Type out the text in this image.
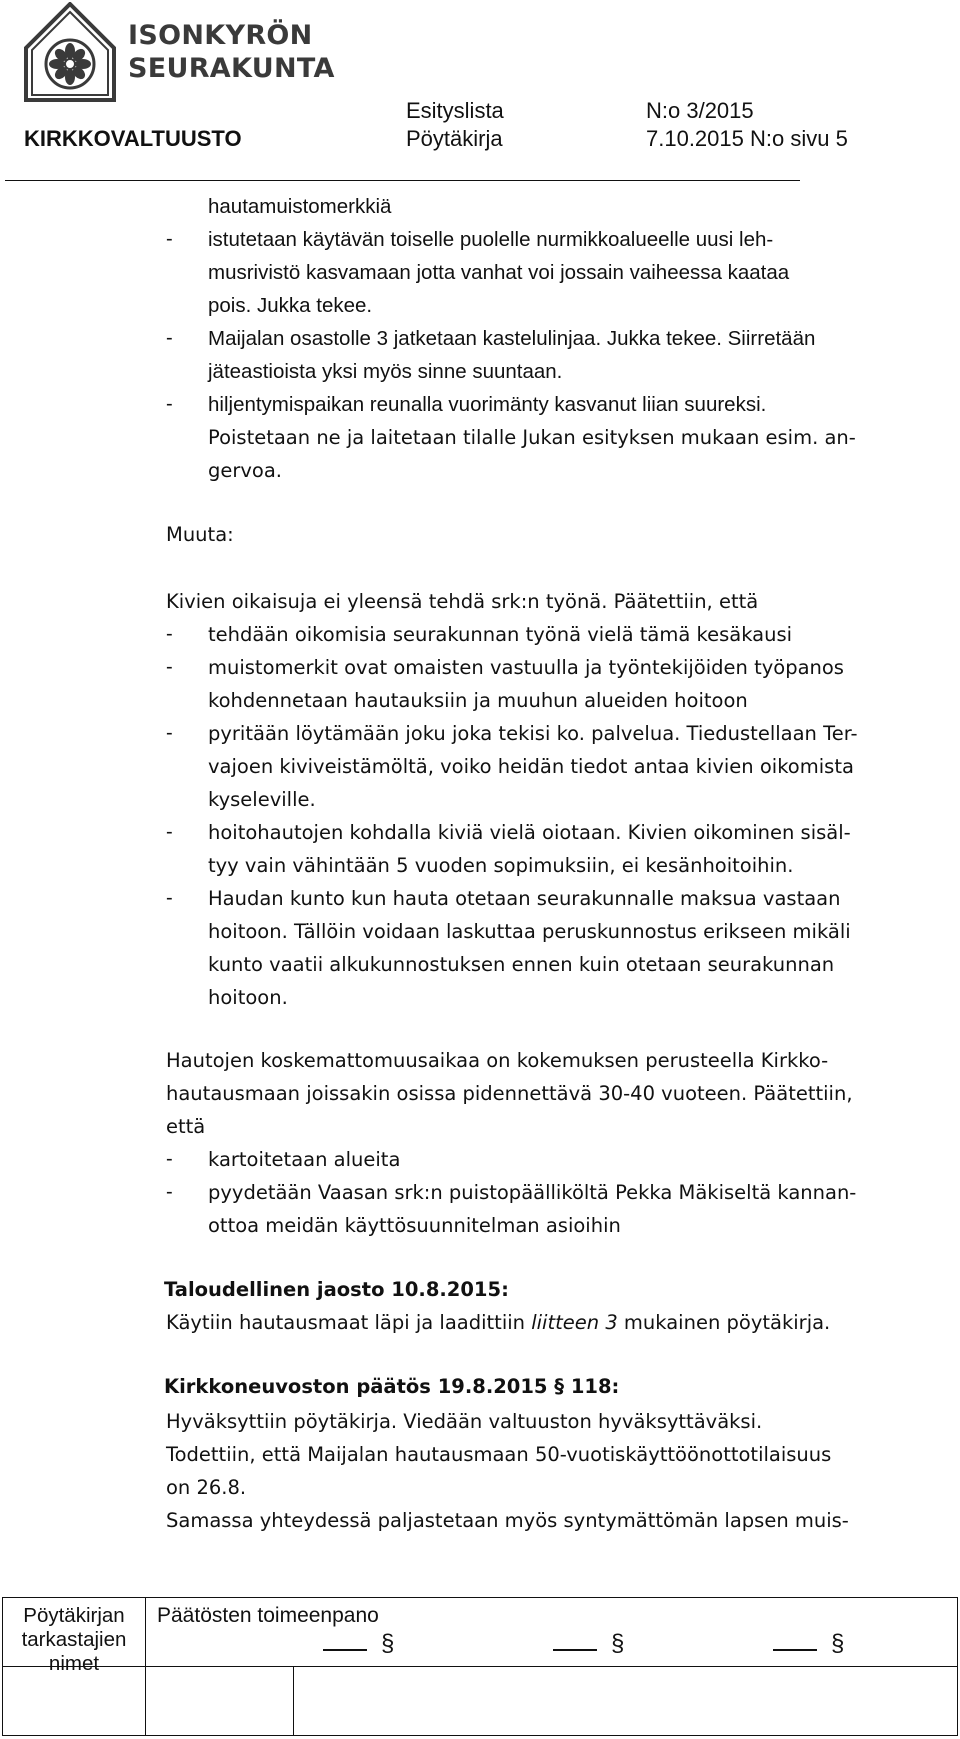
ISONKYRÖN
SEURAKUNTA
KIRKKOVALTUUSTO
Esityslista	N:o 3/2015
Pöytäkirja	7.10.2015 N:o sivu 5
hautamuistomerkkiä
- istutetaan käytävän toiselle puolelle nurmikkoalueelle uusi leh-
musrivistö kasvamaan jotta vanhat voi jossain vaiheessa kaataa
pois. Jukka tekee.
- Maijalan osastolle 3 jatketaan kastelulinjaa. Jukka tekee. Siirretään
jäteastioista yksi myös sinne suuntaan.
- hiljentymispaikan reunalla vuorimänty kasvanut liian suureksi.
Poistetaan ne ja laitetaan tilalle Jukan esityksen mukaan esim. an-
gervoa.
Muuta:
Kivien oikaisuja ei yleensä tehdä srk:n työnä. Päätettiin, että
- tehdään oikomisia seurakunnan työnä vielä tämä kesäkausi
- muistomerkit ovat omaisten vastuulla ja työntekijöiden työpanos
kohdennetaan hautauksiin ja muuhun alueiden hoitoon
- pyritään löytämään joku joka tekisi ko. palvelua. Tiedustellaan Ter-
vajoen kiviveistämöltä, voiko heidän tiedot antaa kivien oikomista
kyseleville.
- hoitohautojen kohdalla kiviä vielä oiotaan. Kivien oikominen sisäl-
tyy vain vähintään 5 vuoden sopimuksiin, ei kesänhoitoihin.
- Haudan kunto kun hauta otetaan seurakunnalle maksua vastaan
hoitoon. Tällöin voidaan laskuttaa peruskunnostus erikseen mikäli
kunto vaatii alkukunnostuksen ennen kuin otetaan seurakunnan
hoitoon.
Hautojen koskemattomuusaikaa on kokemuksen perusteella Kirkko-
hautausmaan joissakin osissa pidennettävä 30-40 vuoteen. Päätettiin,
että
- kartoitetaan alueita
- pyydetään Vaasan srk:n puistopäälliköltä Pekka Mäkiseltä kannan-
ottoa meidän käyttösuunnitelman asioihin
Taloudellinen jaosto 10.8.2015:
Käytiin hautausmaat läpi ja laadittiin liitteen 3 mukainen pöytäkirja.
Kirkkoneuvoston päätös 19.8.2015 § 118:
Hyväksyttiin pöytäkirja. Viedään valtuuston hyväksyttäväksi.
Todettiin, että Maijalan hautausmaan 50-vuotiskäyttöönottotilaisuus
on 26.8.
Samassa yhteydessä paljastetaan myös syntymättömän lapsen muis-
Pöytäkirjan
tarkastajien
nimet
Päätösten toimeenpano
§	§	§
